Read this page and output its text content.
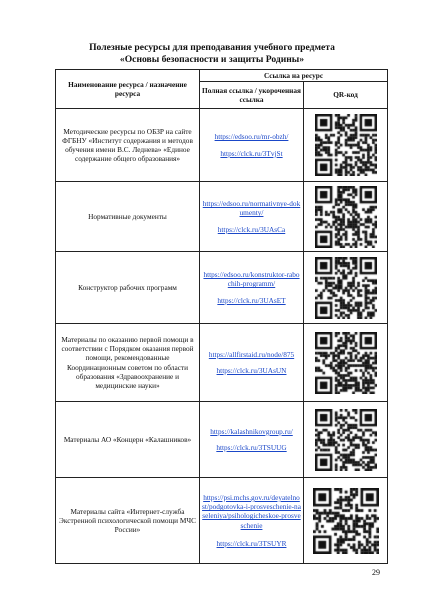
Полезные ресурсы для преподавания учебного предмета
«Основы безопасности и защиты Родины»
Наименование ресурса / назначение ресурса	Ссылка на ресурс	
	Полная ссылка / укороченная ссылка	QR-код
Методические ресурсы по ОБЗР на сайте ФГБНУ «Институт содержания и методов обучения имени В.С. Леднева» «Единое содержание общего образования»	https://edsoo.ru/mr-obzh/
https://clck.ru/3TvjSt

Нормативные документы	https://edsoo.ru/normativnye-dokumenty/
https://clck.ru/3UAsCa

Конструктор рабочих программ	https://edsoo.ru/konstruktor-rabochih-programm/
https://clck.ru/3UAsET

Материалы по оказанию первой помощи в соответствии с Порядком оказания первой помощи, рекомендованные Координационным советом по области образования «Здравоохранение и медицинские науки»	https://allfirstaid.ru/node/875
https://clck.ru/3UAsUN

Материалы АО «Концерн «Калашников»	https://kalashnikovgroup.ru/
https://clck.ru/3TSUUG

Материалы сайта «Интернет-служба Экстренной психологической помощи МЧС России»	https://psi.mchs.gov.ru/deyatelnost/podgotovka-i-prosveschenie-naseleniya/psihologicheskoe-prosveschenie
https://clck.ru/3TSUYR

29
